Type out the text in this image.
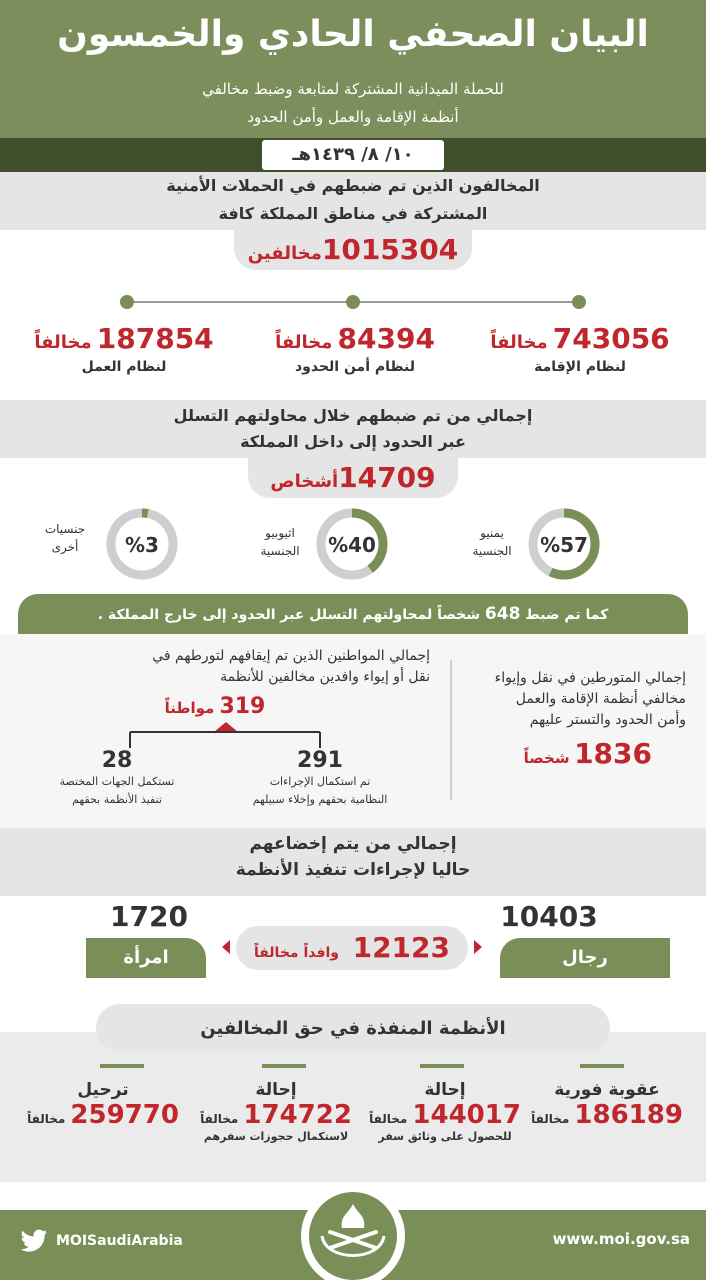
البيان الصحفي الحادي والخمسون
للحملة الميدانية المشتركة لمتابعة وضبط مخالفي
أنظمة الإقامة والعمل وأمن الحدود
١٠/ ٨/ ١٤٣٩هـ
المخالفون الذين تم ضبطهم في الحملات الأمنية
المشتركة في مناطق المملكة كافة
1015304مخالفين
743056 مخالفاً
لنظام الإقامة
84394 مخالفاً
لنظام أمن الحدود
187854 مخالفاً
لنظام العمل
إجمالي من تم ضبطهم خلال محاولتهم التسلل
عبر الحدود إلى داخل المملكة
14709أشخاص
%57
يمنيو
الجنسية
%40
اثيوبيو
الجنسية
%3
جنسيات
أخرى
كما تم ضبط 648 شخصاً لمحاولتهم التسلل عبر الحدود إلى خارج المملكة .
إجمالي المتورطين في نقل وإيواء
مخالفي أنظمة الإقامة والعمل
وأمن الحدود والتستر عليهم
1836 شخصاً
إجمالي المواطنين الذين تم إيقافهم لتورطهم في
نقل أو إيواء وافدين مخالفين للأنظمة
319 مواطناً
291
تم استكمال الإجراءات
النظامية بحقهم وإخلاء سبيلهم
28
تستكمل الجهات المختصة
تنفيذ الأنظمة بحقهم
إجمالي من يتم إخضاعهم
حاليا لإجراءات تنفيذ الأنظمة
10403
رجال
1720
امرأة	12123 وافداً مخالفاً
الأنظمة المنفذة في حق المخالفين
عقوبة فورية
186189 مخالفاً
إحالة
144017 مخالفاً
للحصول على وثائق سفر
إحالة
174722 مخالفاً
لاستكمال حجوزات سفرهم
ترحيل
259770 مخالفاً
MOISaudiArabia	www.moi.gov.sa
